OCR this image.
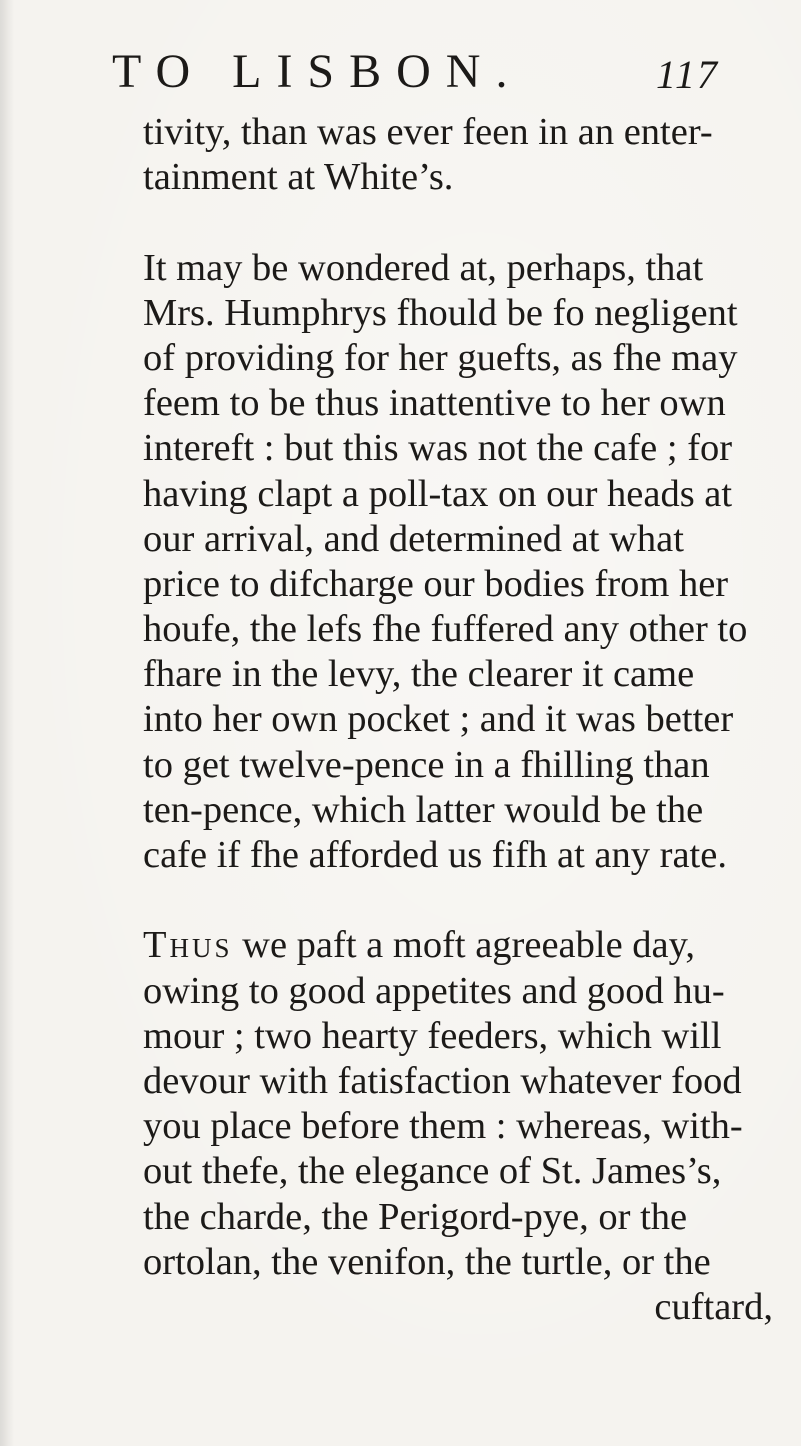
TO LISBON.	117
tivity, than was ever feen in an enter-
tainment at White’s.
It may be wondered at, perhaps, that
Mrs. Humphrys fhould be fo negligent
of providing for her guefts, as fhe may
feem to be thus inattentive to her own
intereft : but this was not the cafe ; for
having clapt a poll-tax on our heads at
our arrival, and determined at what
price to difcharge our bodies from her
houfe, the lefs fhe fuffered any other to
fhare in the levy, the clearer it came
into her own pocket ; and it was better
to get twelve-pence in a fhilling than
ten-pence, which latter would be the
cafe if fhe afforded us fifh at any rate.
Thus we paft a moft agreeable day,
owing to good appetites and good hu-
mour ; two hearty feeders, which will
devour with fatisfaction whatever food
you place before them : whereas, with-
out thefe, the elegance of St. James’s,
the charde, the Perigord-pye, or the
ortolan, the venifon, the turtle, or the
cuftard,
